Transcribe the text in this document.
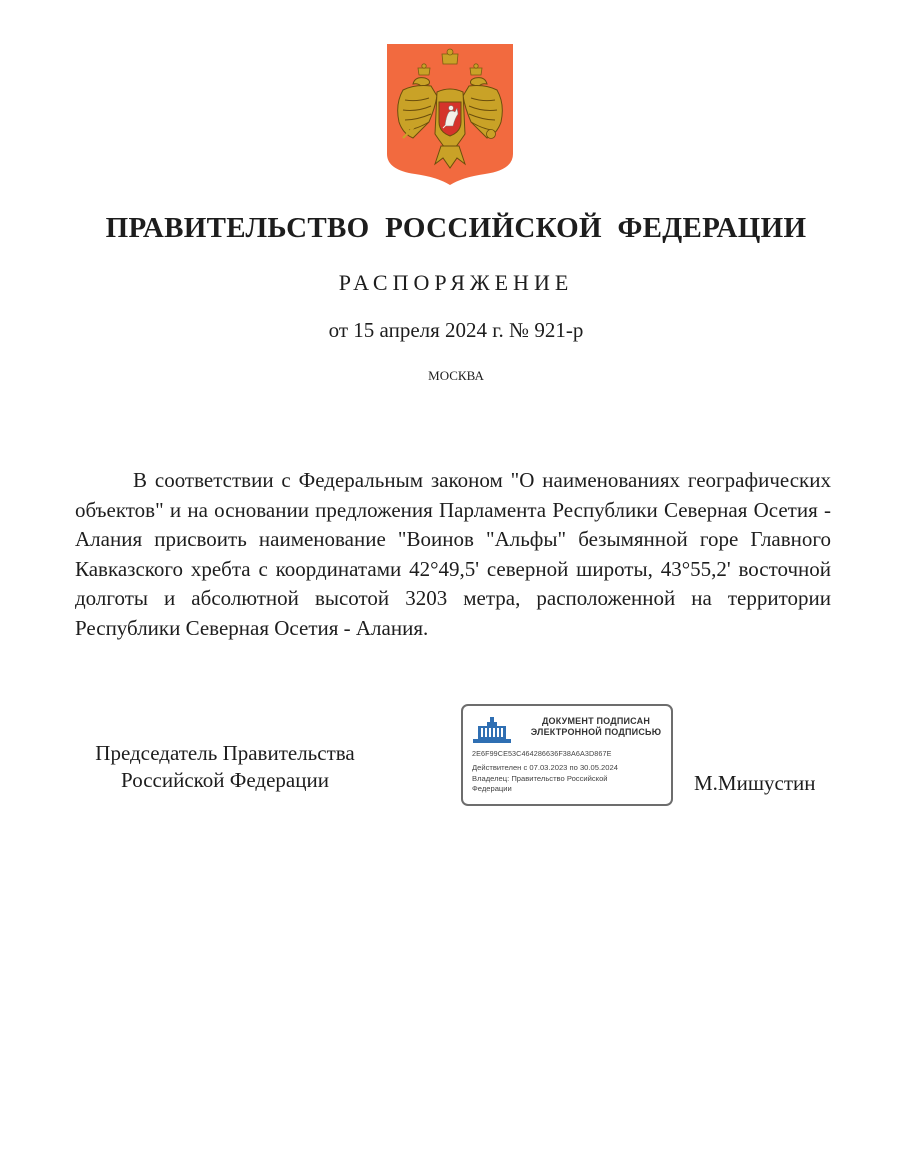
ПРАВИТЕЛЬСТВО РОССИЙСКОЙ ФЕДЕРАЦИИ
РАСПОРЯЖЕНИЕ
от 15 апреля 2024 г. № 921-р
МОСКВА

В соответствии с Федеральным законом "О наименованиях географических объектов" и на основании предложения Парламента Республики Северная Осетия - Алания присвоить наименование "Воинов "Альфы" безымянной горе Главного Кавказского хребта с координатами 42°49,5' северной широты, 43°55,2' восточной долготы и абсолютной высотой 3203 метра, расположенной на территории Республики Северная Осетия - Алания.

Председатель Правительства
Российской Федерации
ДОКУМЕНТ ПОДПИСАН
ЭЛЕКТРОННОЙ ПОДПИСЬЮ
2E6F99CE53C464286636F38A6A3D867E
Действителен с 07.03.2023 по 30.05.2024
Владелец: Правительство Российской Федерации	М.Мишустин
